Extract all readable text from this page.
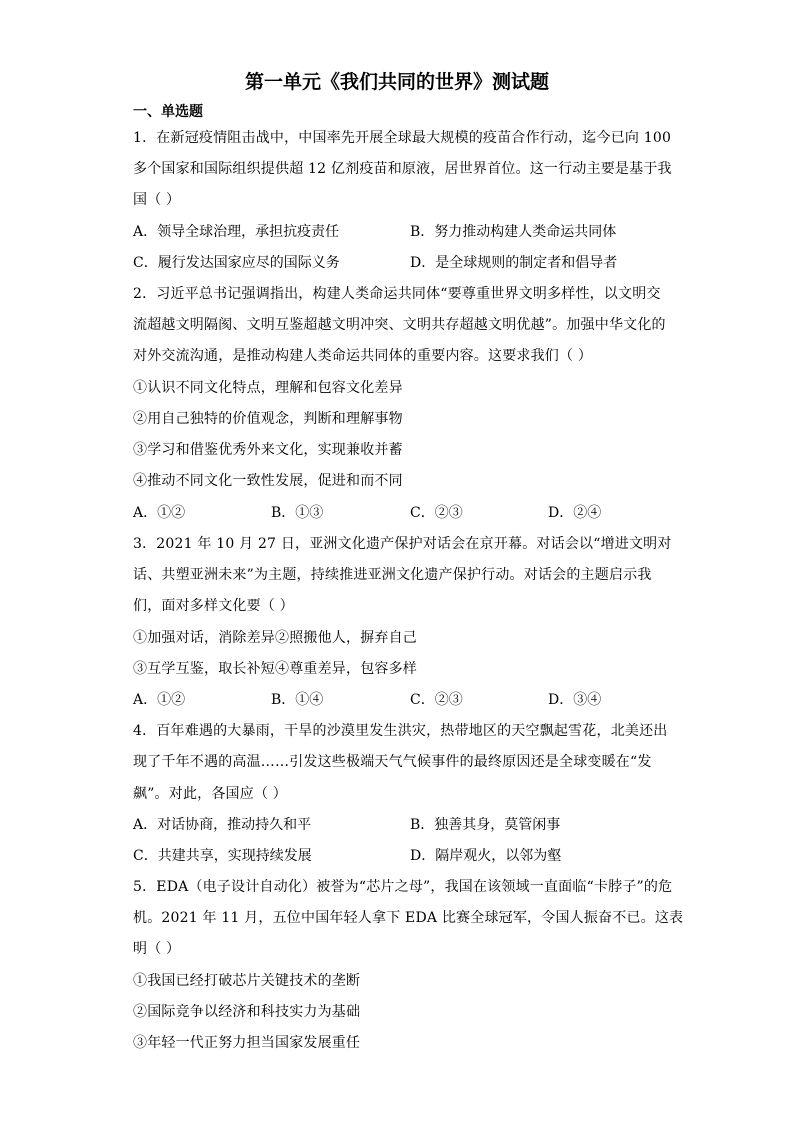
第一单元《我们共同的世界》测试题
一、单选题
1．在新冠疫情阻击战中，中国率先开展全球最大规模的疫苗合作行动，迄今已向 100
多个国家和国际组织提供超 12 亿剂疫苗和原液，居世界首位。这一行动主要是基于我
国（ ）
A．领导全球治理，承担抗疫责任	B．努力推动构建人类命运共同体
C．履行发达国家应尽的国际义务	D．是全球规则的制定者和倡导者
2．习近平总书记强调指出，构建人类命运共同体“要尊重世界文明多样性，以文明交
流超越文明隔阂、文明互鉴超越文明冲突、文明共存超越文明优越”。加强中华文化的
对外交流沟通，是推动构建人类命运共同体的重要内容。这要求我们（ ）
①认识不同文化特点，理解和包容文化差异
②用自己独特的价值观念，判断和理解事物
③学习和借鉴优秀外来文化，实现兼收并蓄
④推动不同文化一致性发展，促进和而不同
A．①②	B．①③	C．②③	D．②④
3．2021 年 10 月 27 日，亚洲文化遗产保护对话会在京开幕。对话会以“增进文明对
话、共塑亚洲未来”为主题，持续推进亚洲文化遗产保护行动。对话会的主题启示我
们，面对多样文化要（ ）
①加强对话，消除差异②照搬他人，摒弃自己
③互学互鉴，取长补短④尊重差异，包容多样
A．①②	B．①④	C．②③	D．③④
4．百年难遇的大暴雨，干旱的沙漠里发生洪灾，热带地区的天空飘起雪花，北美还出
现了千年不遇的高温……引发这些极端天气气候事件的最终原因还是全球变暖在“发
飙”。对此，各国应（ ）
A．对话协商，推动持久和平	B．独善其身，莫管闲事
C．共建共享，实现持续发展	D．隔岸观火，以邻为壑
5．EDA（电子设计自动化）被誉为“芯片之母”，我国在该领域一直面临“卡脖子”的危
机。2021 年 11 月，五位中国年轻人拿下 EDA 比赛全球冠军，令国人振奋不已。这表
明（ ）
①我国已经打破芯片关键技术的垄断
②国际竞争以经济和科技实力为基础
③年轻一代正努力担当国家发展重任
